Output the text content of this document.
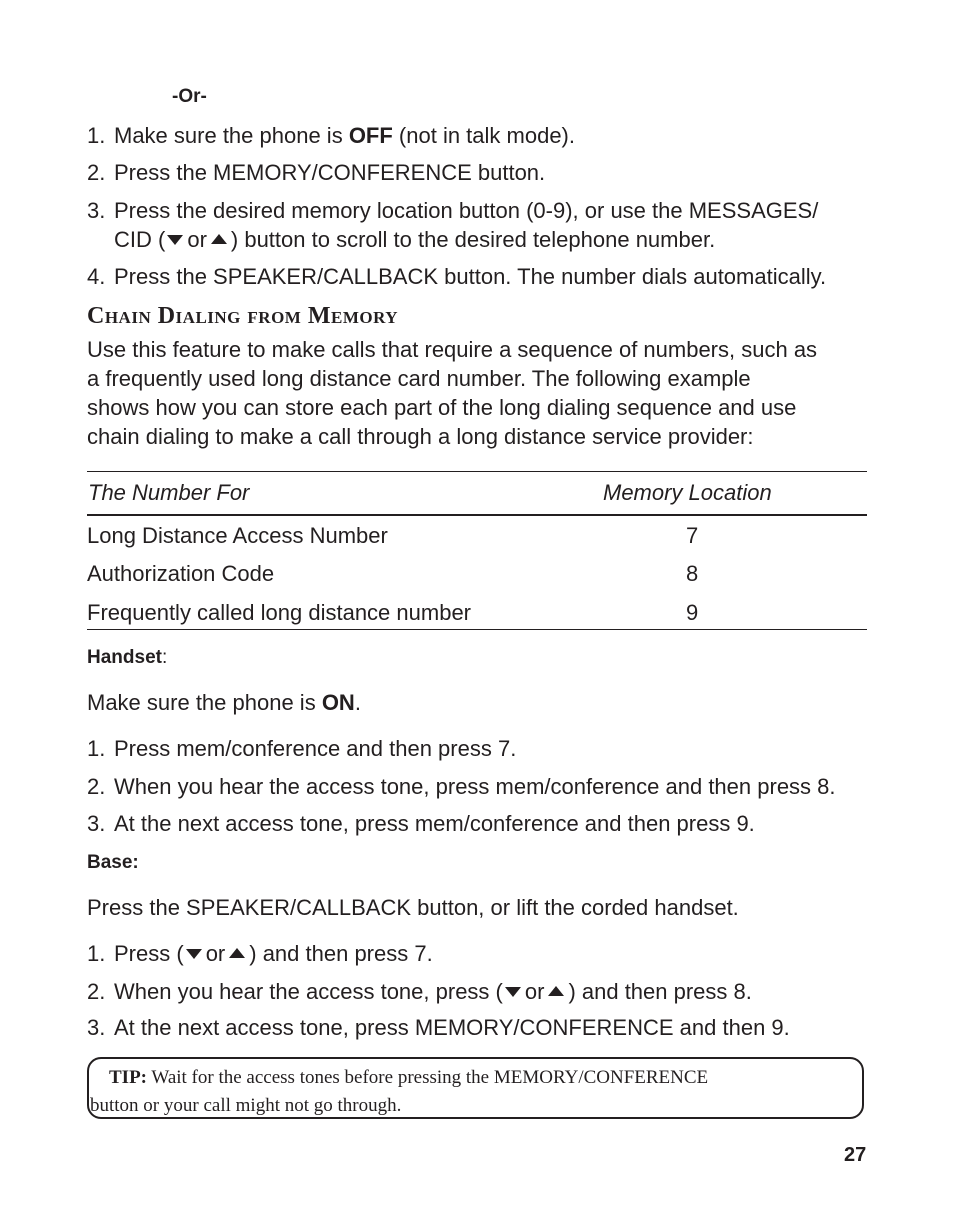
-Or-
1. Make sure the phone is OFF (not in talk mode).
2. Press the MEMORY/CONFERENCE button.
3. Press the desired memory location button (0-9), or use the MESSAGES/
CID ( or ) button to scroll to the desired telephone number.
4. Press the SPEAKER/CALLBACK button. The number dials automatically.
Chain Dialing from Memory
Use this feature to make calls that require a sequence of numbers, such as
a frequently used long distance card number. The following example
shows how you can store each part of the long dialing sequence and use
chain dialing to make a call through a long distance service provider:
The Number For	Memory Location
Long Distance Access Number	7
Authorization Code	8
Frequently called long distance number	9
Handset:
Make sure the phone is ON.
1. Press mem/conference and then press 7.
2. When you hear the access tone, press mem/conference and then press 8.
3. At the next access tone, press mem/conference and then press 9.
Base:
Press the SPEAKER/CALLBACK button, or lift the corded handset.
1. Press ( or ) and then press 7.
2. When you hear the access tone, press ( or ) and then press 8.
3. At the next access tone, press MEMORY/CONFERENCE and then 9.
TIP: Wait for the access tones before pressing the MEMORY/CONFERENCE
button or your call might not go through.
27
